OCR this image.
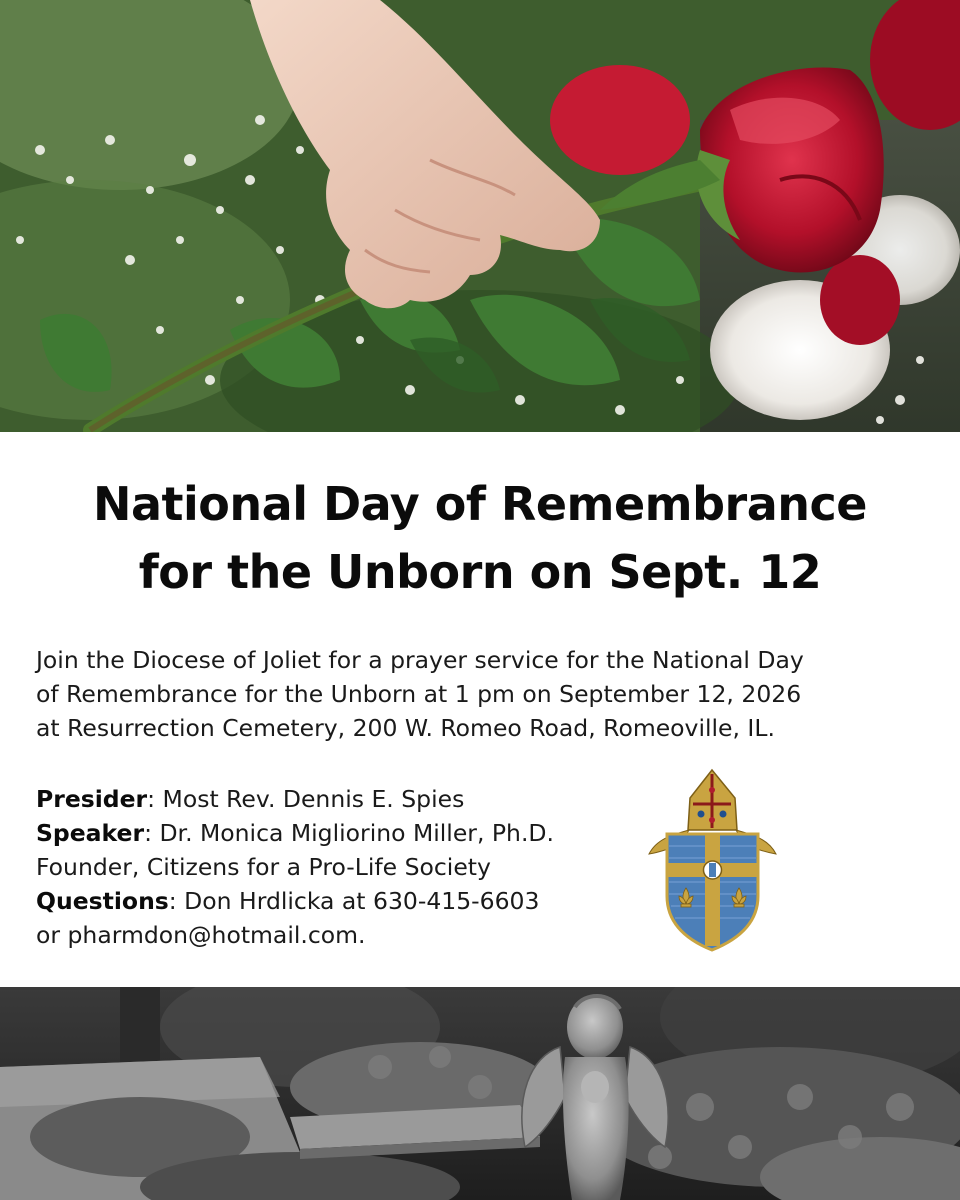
National Day of Remembrance
for the Unborn on Sept. 12

Join the Diocese of Joliet for a prayer service for the National Day
of Remembrance for the Unborn at 1 pm on September 12, 2026
at Resurrection Cemetery, 200 W. Romeo Road, Romeoville, IL.

Presider: Most Rev. Dennis E. Spies
Speaker: Dr. Monica Migliorino Miller, Ph.D.
Founder, Citizens for a Pro-Life Society
Questions: Don Hrdlicka at 630-415-6603
or pharmdon@hotmail.com.
